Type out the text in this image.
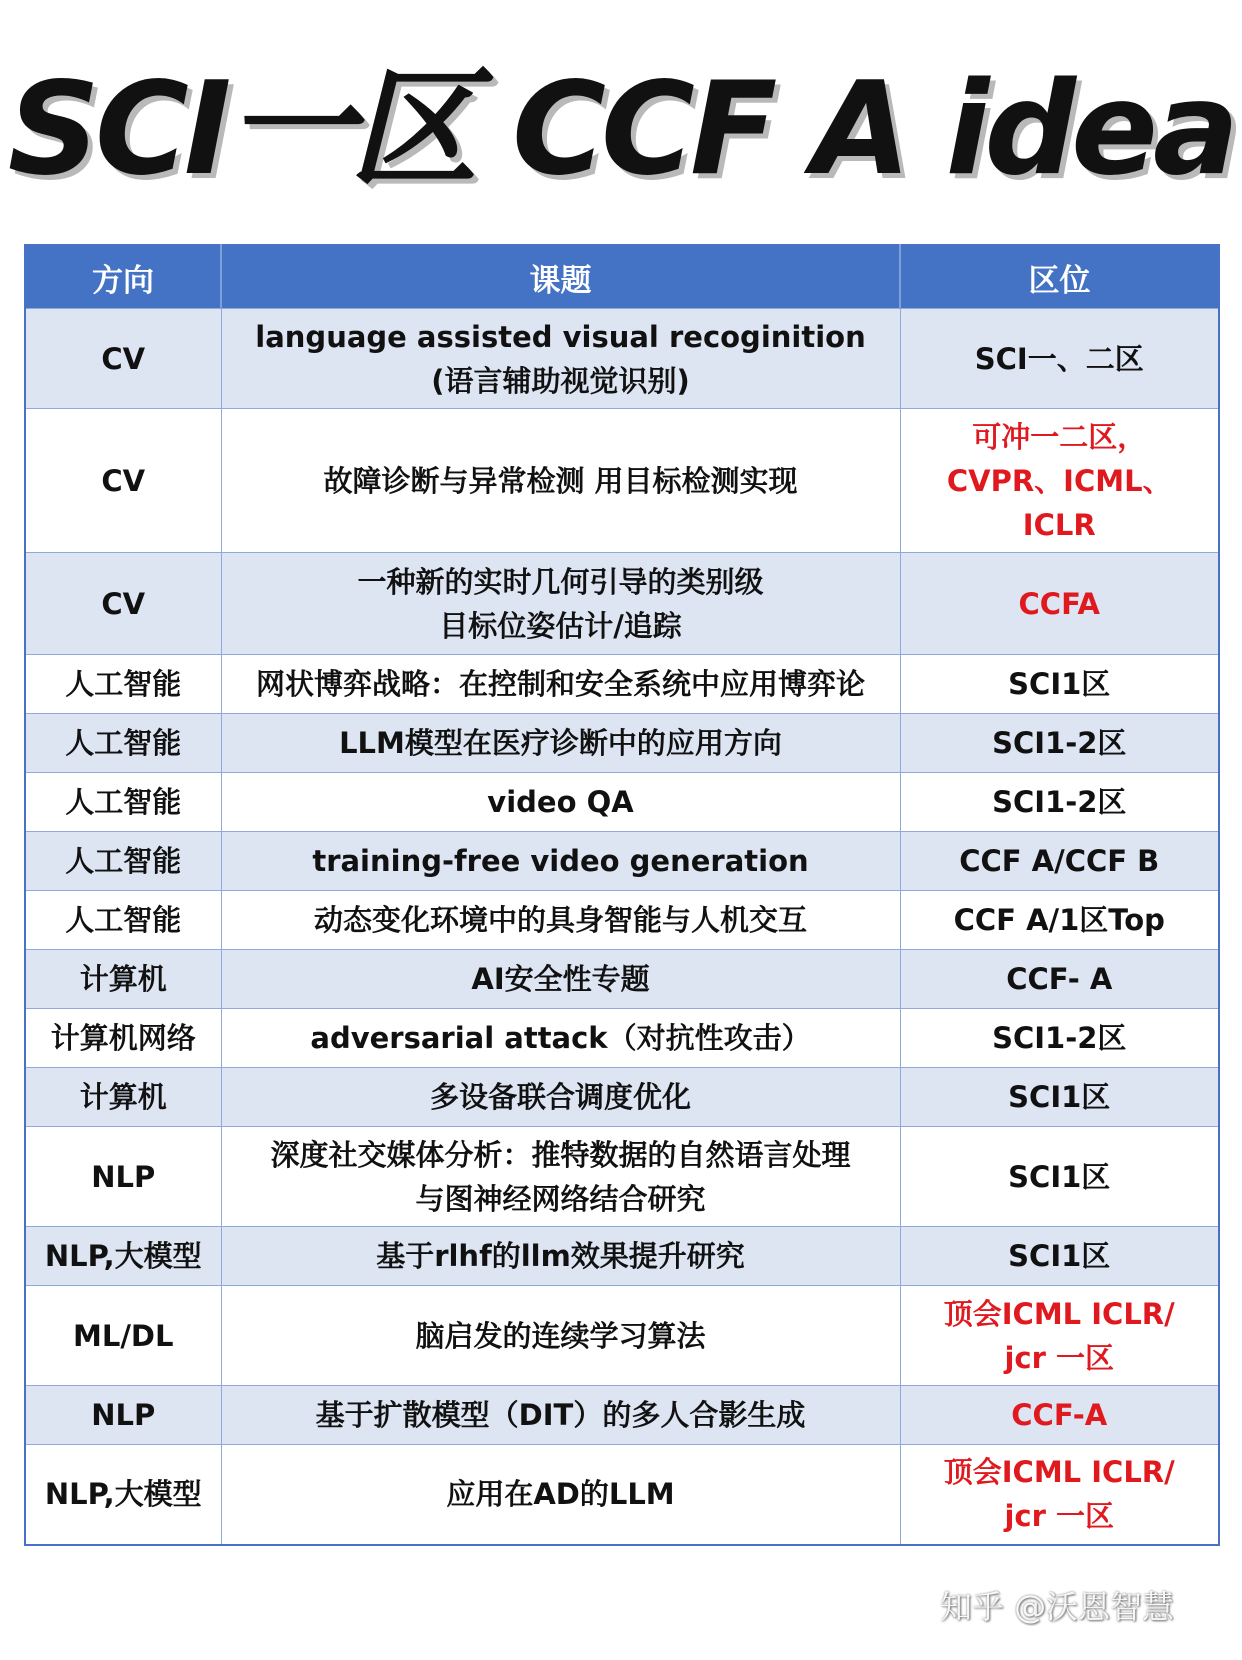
SCI一区 CCF A idea
方向	课题	区位
CV	language assisted visual recoginition
(语言辅助视觉识别)	SCI一、二区

CV	故障诊断与异常检测 用目标检测实现	可冲一二区，
CVPR、ICML、
ICLR

CV	一种新的实时几何引导的类别级
目标位姿估计/追踪	CCFA

人工智能	网状博弈战略：在控制和安全系统中应用博弈论	SCI1区

人工智能	LLM模型在医疗诊断中的应用方向	SCI1-2区

人工智能	video QA	SCI1-2区

人工智能	training-free video generation	CCF A/CCF B

人工智能	动态变化环境中的具身智能与人机交互	CCF A/1区Top

计算机	AI安全性专题	CCF- A

计算机网络	adversarial attack（对抗性攻击）	SCI1-2区

计算机	多设备联合调度优化	SCI1区

NLP	深度社交媒体分析：推特数据的自然语言处理
与图神经网络结合研究	SCI1区

NLP,大模型	基于rlhf的llm效果提升研究	SCI1区

ML/DL	脑启发的连续学习算法	顶会ICML ICLR/
jcr 一区

NLP	基于扩散模型（DIT）的多人合影生成	CCF-A

NLP,大模型	应用在AD的LLM	顶会ICML ICLR/
jcr 一区
知乎 @沃恩智慧
